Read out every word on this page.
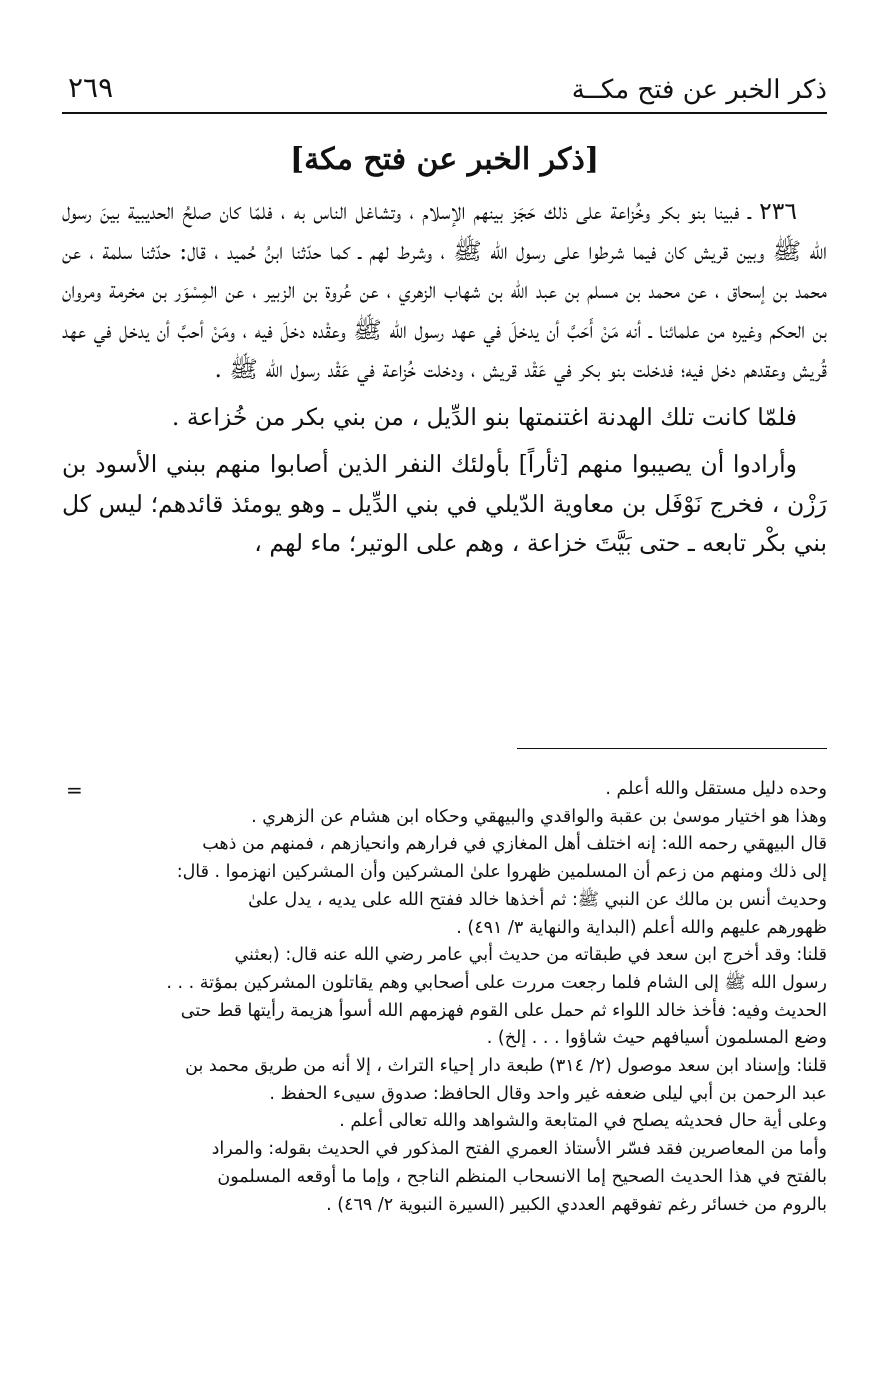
ذكر الخبر عن فتح مكــة
٢٦٩
[ذكر الخبر عن فتح مكة]

٢٣٦ ـ فبينا بنو بكر وخُزاعة على ذلك حَجَز بينهم الإسلام ، وتشاغل الناس به ، فلمّا كان صلحُ الحديبية بينَ رسول الله ﷺ وبين قريش كان فيما شرطوا على رسول الله ﷺ ، وشرط لهم ـ كما حدّثنا ابنُ حُميد ، قال: حدّثنا سلمة ، عن محمد بن إسحاق ، عن محمد بن مسلم بن عبد الله بن شهاب الزهري ، عن عُروة بن الزبير ، عن المِسْوَر بن مخرمة ومروان بن الحكم وغيره من علمائنا ـ أنه مَنْ أَحَبَّ أن يدخلَ في عهد رسول الله ﷺ وعقْده دخلَ فيه ، ومَنْ أحبَّ أن يدخل في عهد قُريش وعقدهم دخل فيه؛ فدخلت بنو بكر في عَقْد قريش ، ودخلت خُزاعة في عَقْد رسول الله ﷺ .

فلمّا كانت تلك الهدنة اغتنمتها بنو الدِّيل ، من بني بكر من خُزاعة .

وأرادوا أن يصيبوا منهم [ثأراً] بأولئك النفر الذين أصابوا منهم ببني الأسود بن رَزْن ، فخرج نَوْفَل بن معاوية الدّيلي في بني الدِّيل ـ وهو يومئذ قائدهم؛ ليس كل بني بكْر تابعه ـ حتى بَيَّتَ خزاعة ، وهم على الوتير؛ ماء لهم ،

=	وحده دليل مستقل والله أعلم .

وهذا هو اختيار موسىٰ بن عقبة والواقدي والبيهقي وحكاه ابن هشام عن الزهري .

قال البيهقي رحمه الله: إنه اختلف أهل المغازي في فرارهم وانحيازهم ، فمنهم من ذهب

إلى ذلك ومنهم من زعم أن المسلمين ظهروا علىٰ المشركين وأن المشركين انهزموا . قال:

وحديث أنس بن مالك عن النبي ﷺ: ثم أخذها خالد ففتح الله على يديه ، يدل علىٰ

ظهورهم عليهم والله أعلم (البداية والنهاية ٣/ ٤٩١) .

قلنا: وقد أخرج ابن سعد في طبقاته من حديث أبي عامر رضي الله عنه قال: (بعثني

رسول الله ﷺ إلى الشام فلما رجعت مررت على أصحابي وهم يقاتلون المشركين بمؤتة . . .

الحديث وفيه: فأخذ خالد اللواء ثم حمل على القوم فهزمهم الله أسوأ هزيمة رأيتها قط حتى

وضع المسلمون أسيافهم حيث شاؤوا . . . إلخ) .

قلنا: وإسناد ابن سعد موصول (٢/ ٣١٤) طبعة دار إحياء التراث ، إلا أنه من طريق محمد بن

عبد الرحمن بن أبي ليلى ضعفه غير واحد وقال الحافظ: صدوق سيىء الحفظ .

وعلى أية حال فحديثه يصلح في المتابعة والشواهد والله تعالى أعلم .

وأما من المعاصرين فقد فسّر الأستاذ العمري الفتح المذكور في الحديث بقوله: والمراد

بالفتح في هذا الحديث الصحيح إما الانسحاب المنظم الناجح ، وإما ما أوقعه المسلمون

بالروم من خسائر رغم تفوقهم العددي الكبير (السيرة النبوية ٢/ ٤٦٩) .
